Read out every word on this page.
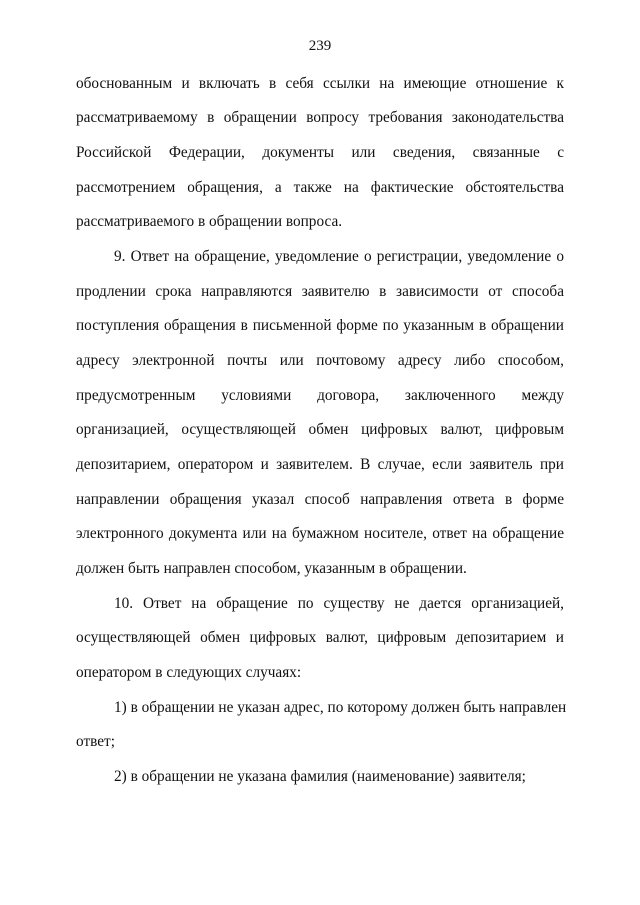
239
обоснованным и включать в себя ссылки на имеющие отношение к
рассматриваемому в обращении вопросу требования законодательства
Российской Федерации, документы или сведения, связанные с
рассмотрением обращения, а также на фактические обстоятельства
рассматриваемого в обращении вопроса.
9. Ответ на обращение, уведомление о регистрации, уведомление о
продлении срока направляются заявителю в зависимости от способа
поступления обращения в письменной форме по указанным в обращении
адресу электронной почты или почтовому адресу либо способом,
предусмотренным условиями договора, заключенного между
организацией, осуществляющей обмен цифровых валют, цифровым
депозитарием, оператором и заявителем. В случае, если заявитель при
направлении обращения указал способ направления ответа в форме
электронного документа или на бумажном носителе, ответ на обращение
должен быть направлен способом, указанным в обращении.
10. Ответ на обращение по существу не дается организацией,
осуществляющей обмен цифровых валют, цифровым депозитарием и
оператором в следующих случаях:
1) в обращении не указан адрес, по которому должен быть направлен
ответ;
2) в обращении не указана фамилия (наименование) заявителя;
